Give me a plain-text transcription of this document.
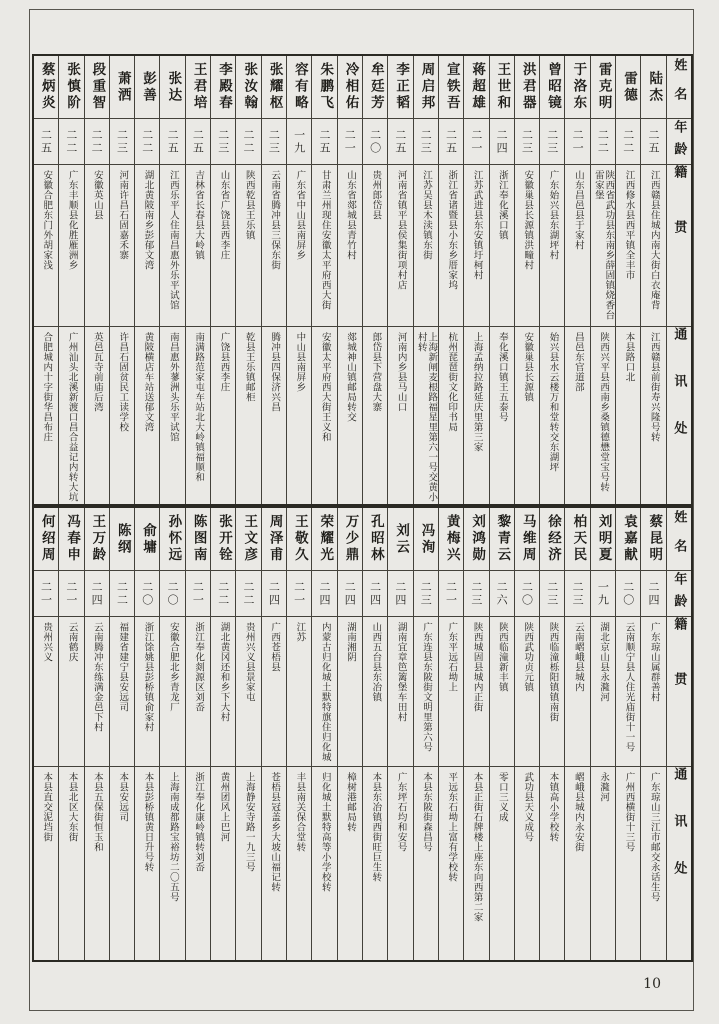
姓名
年龄
籍贯
通讯处
陆杰
二五
江西赣县住城内南大街白衣庵背
江西赣县前街寿兴隆号转
雷德
二二
江西修水县西平镇全丰市
本县路口北
雷克明
二二
陕西省武功县东南乡薛固镇烧香台雷家堡
陕西兴平县西南乡桑镇德懋堂宝号转
于洛东
二一
山东昌邑县于家村
昌邑东官道部
曾昭镜
二三
广东始兴县东湖坪村
始兴县水云楼万和堂转交东湖坪
洪君器
二三
安徽巢县长源镇洪疃村
安徽巢县长源镇
王世和
二四
浙江奉化溪口镇
奉化溪口镇王五泰号
蒋超雄
二一
江苏武进县东安镇圩柯村
上海孟纳拉路延庆里第三家
宣铁吾
二五
浙江省诸暨县小东乡厝家坞
杭州琵琶街文化印书局
周启邦
二三
江苏吴县木渎镇东街
上海新闸麦根路福星里第六一号交黄小村转
李正韬
二五
河南省镇平县侯集街项村店
河南内乡县马山口
牟廷芳
二〇
贵州郎岱县
郎岱县下营盘大寨
冷相佑
二一
山东省郯城县青竹村
郯城神山镇邮局转交
朱鹏飞
二五
甘肃兰州现住安徽太平府西大街
安徽太平府西大街王义和
容有略
一九
广东省中山县南屏乡
中山县南屏乡
张耀枢
二三
云南省腾冲县三保东街
腾冲县四保济兴昌
张汝翰
二二
陕西乾县王乐镇
乾县王乐镇邮柜
李殿春
二三
山东省广饶县西李庄
广饶县西李庄
王君培
二五
吉林省长春县大岭镇
南满路范家屯车站北大岭镇福顺和
张达
二五
江西乐平人住南昌惠外乐平试馆
南昌惠外蓼洲头乐平试馆
彭善
二二
湖北黄陂南乡彭郁文湾
黄陂横店车站送郁文湾
萧洒
二三
河南许昌石固嘉禾寨
许昌石固贫民工读学校
段重智
二二
安徽英山县
英邑瓦寺前庙后湾
张慎阶
二二
广东丰顺县化胜雁洲乡
广州汕头北溪新渡口昌合益记内转大坑
蔡炳炎
二五
安徽合肥东门外胡家浅
合肥城内十字街华昌布庄
姓名
年龄
籍贯
通讯处
蔡昆明
二四
广东琼山属群善村
广东琼山三江市邮交永话生号
袁嘉献
二〇
云南顺宁县人住光庙街十一号
广州西横街十三号
刘明夏
一九
湖北京山县永漋河
永漋河
柏天民
二三
云南嶍峨县城内
嶍峨县城内永安街
徐经济
二三
陕西临潼栎阳镇镇南街
本镇高小学校转
马维周
二〇
陕西武功贞元镇
武功县天义成号
黎青云
二六
陕西临潼新丰镇
零口三义成
刘鸿勋
二三
陕西城固县城内正街
本县正街石牌楼上座东向西第二家
黄梅兴
二一
广东平远石坳上
平远东石坳上富有学校转
冯洵
二三
广东连县东陂街文明里第六号
本县东陂街森昌号
刘云
二四
湖南宜章笆篱堡车田村
广东坪石均和安号
孔昭林
二四
山西五台县东冶镇
本县东冶镇西街旺巨生转
万少鼎
二四
湖南湘阴
樟树港邮局转
荣耀光
二四
内蒙古归化城土默特旗住归化城
归化城土默特高等小学校转
王敬久
二一
江苏
丰县南关保合堂转
周泽甫
二四
广西苍梧县
苍梧县冠盖乡大坡山福记转
王文彦
二二
贵州兴义县景家屯
上海静安寺路一九三号
张开铨
二二
湖北黄冈还和乡下大村
黄州团风上巴河
陈图南
二一
浙江奉化剡源区刘岙
浙江奉化康岭镇转刘岙
孙怀远
二〇
安徽合肥北乡青龙厂
上海南成都路宝裕坊二〇五号
俞墉
二〇
浙江馀姚县彭桥镇俞家村
本县彭桥镇黄日升号转
陈纲
二二
福建省建宁县安远司
本县安远司
王万龄
二四
云南腾冲东练满金邑下村
本县五保街恒玉和
冯春申
二一
云南鹤庆
本县北区大东街
何绍周
二一
贵州兴义
本县直交泥垱街
10
